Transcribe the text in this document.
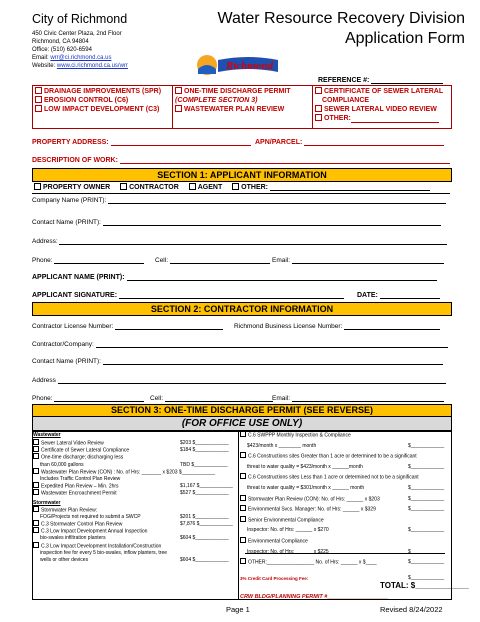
City of Richmond
450 Civic Center Plaza, 2nd Floor
Richmond, CA 94804
Office: (510) 620-6594
Email: wrr@ci.richmond.ca.us
Website: www.ci.richmond.ca.us/wrr
Water Resource Recovery Division
Application Form
Richmond
REFERENCE #:
DRAINAGE IMPROVEMENTS (SPR)
EROSION CONTROL (C6)
LOW IMPACT DEVELOPMENT (C3)
ONE-TIME DISCHARGE PERMIT
(COMPLETE SECTION 3)
WASTEWATER PLAN REVIEW
CERTIFICATE OF SEWER LATERAL
COMPLIANCE
SEWER LATERAL VIDEO REVIEW
OTHER:
PROPERTY ADDRESS:	APN/PARCEL:
DESCRIPTION OF WORK:
SECTION 1: APPLICANT INFORMATION
PROPERTY OWNER	CONTRACTOR	AGENT	OTHER:
Company Name (PRINT):
Contact Name (PRINT):
Address:
Phone:	Cell:	Email:
APPLICANT NAME (PRINT):
APPLICANT SIGNATURE:	DATE:
SECTION 2: CONTRACTOR INFORMATION
Contractor License Number:	Richmond Business License Number:
Contractor/Company:
Contact Name (PRINT):
Address
Phone:	Cell:	Email:
SECTION 3: ONE-TIME DISCHARGE PERMIT (SEE REVERSE)
(FOR OFFICE USE ONLY)
3% Credit Card Processing Fee:	$____________
TOTAL: $____________
CRW BLDG/PLANNING PERMIT #____________________
Page 1	Revised 8/24/2022
Wastewater
Sewer Lateral Video Review	$203 $____________
Certificate of Sewer Lateral Compliance	$184 $____________
One-time discharge; discharging less
than 60,000 gallons	TBD $____________
Wastewater Plan Review (CON) : No. of Hrs: _______ x $203 $____________
Includes Traffic Control Plan Review
Expedited Plan Review – Min. 2hrs	$1,167 $____________
Wastewater Encroachment Permit	$527 $____________
Stormwater
Stormwater Plan Review:
FOG/Projects not required to submit a SWCP	$201 $____________
C.3 Stormwater Control Plan Review	$7,876 $____________
C.3 Low Impact Development Annual Inspection
bio-swales infiltration planters	$604 $____________
C.3 Low Impact Development Installation/Construction
inspection fee for every 5 bio-swales, inflow planters, tree
wells or other devices	$604 $____________
C.6 SWPPP Monthly Inspection & Compliance
$423/month x ________ month	$____________
C.6 Constructions sites Greater than 1 acre or determined to be a significant
threat to water quality = $423/month x ______month	$____________
C.6 Constructions sites Less than 1 acre or determined not to be a significant
threat to water quality = $301/month x ______ month	$____________
Stormwater Plan Review (CON): No. of Hrs: ______ x $203	$____________
Environmental Svcs. Manager: No. of Hrs: ______ x $329	$____________
Senior Environmental Compliance
Inspector: No. of Hrs: ______ x $270	$____________
Environmental Compliance
Inspector: No. of Hrs: ______ x $225	$____________
OTHER:_________________ No. of Hrs: ______ x $____	$____________
